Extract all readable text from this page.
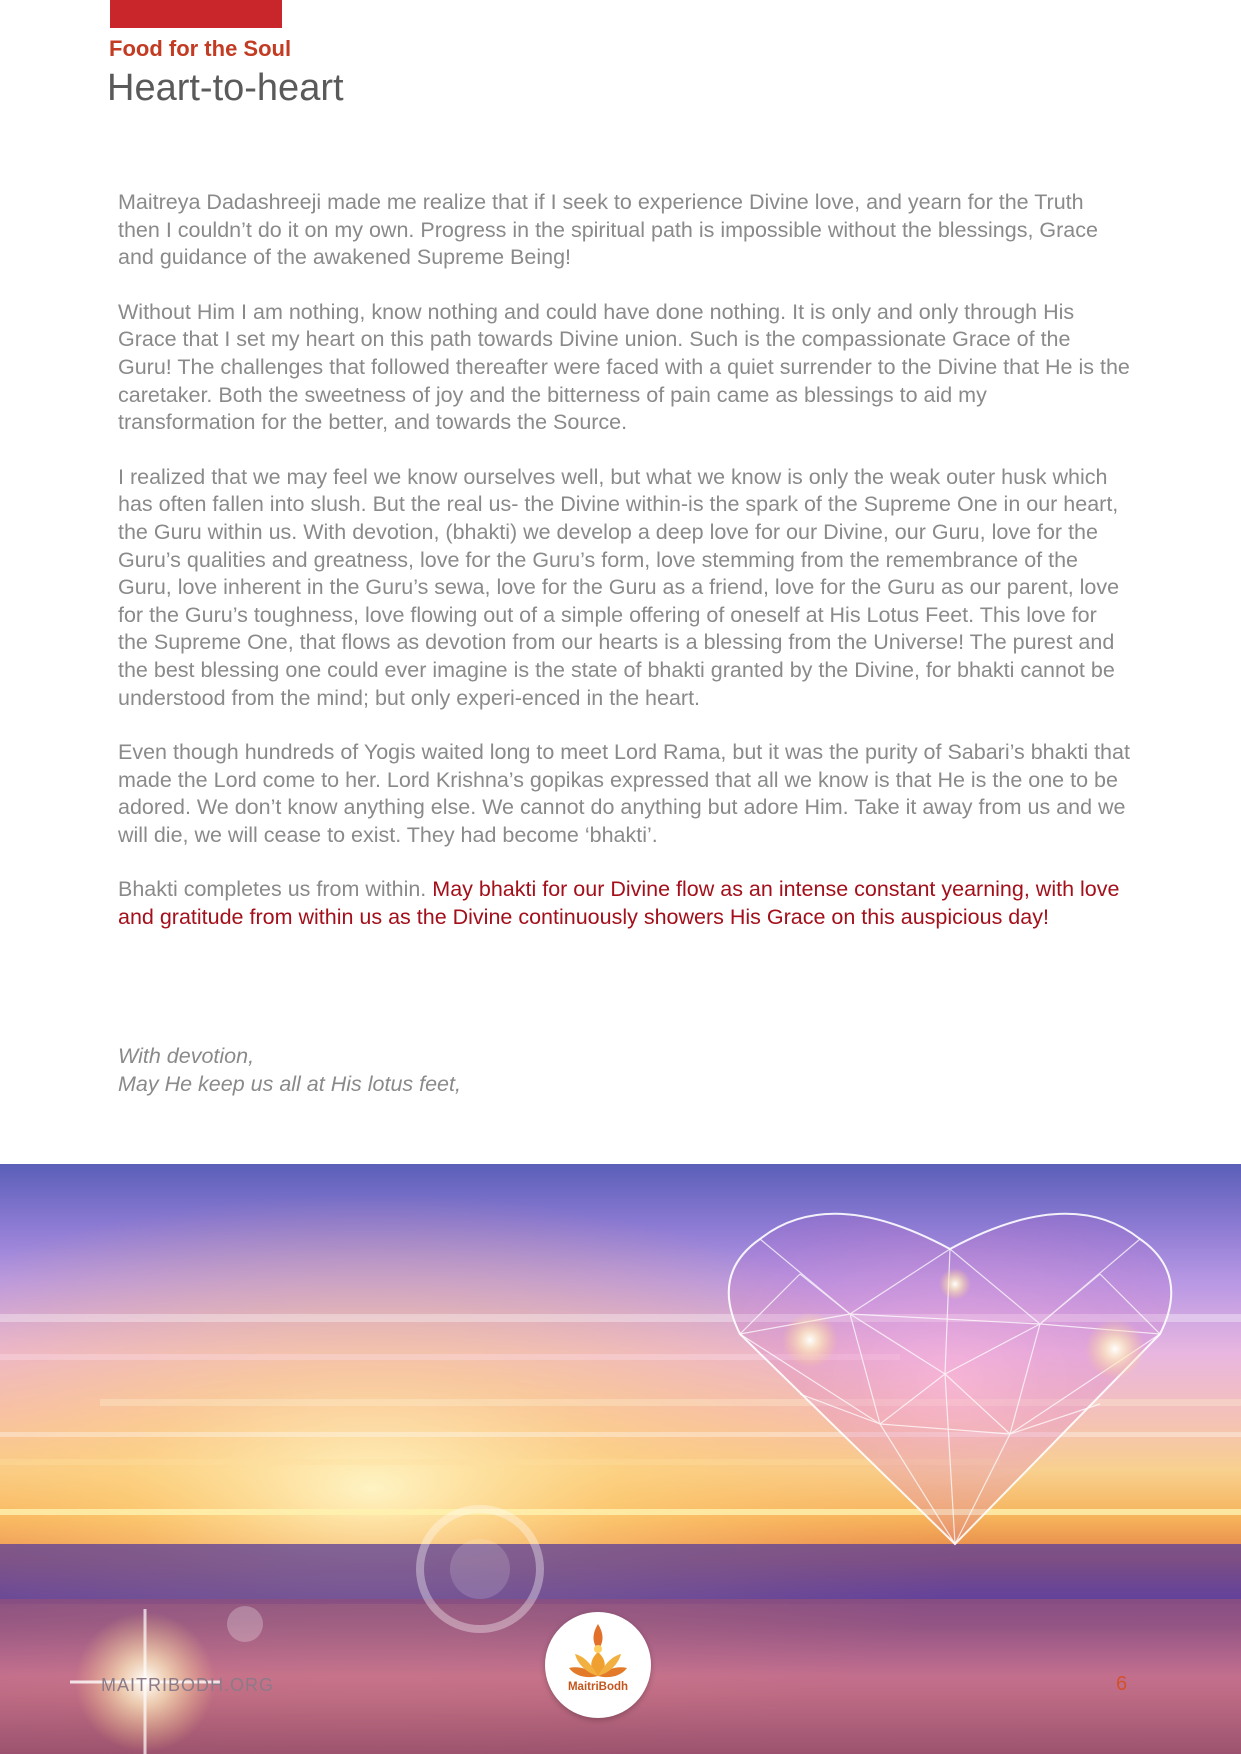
Food for the Soul
Heart-to-heart

Maitreya Dadashreeji made me realize that if I seek to experience Divine love, and yearn for the Truth then I couldn’t do it on my own. Progress in the spiritual path is impossible without the blessings, Grace and guidance of the awakened Supreme Being!

Without Him I am nothing, know nothing and could have done nothing. It is only and only through His Grace that I set my heart on this path towards Divine union. Such is the compassionate Grace of the Guru! The challenges that followed thereafter were faced with a quiet surrender to the Divine that He is the caretaker. Both the sweetness of joy and the bitterness of pain came as blessings to aid my transformation for the better, and towards the Source.

I realized that we may feel we know ourselves well, but what we know is only the weak outer husk which has often fallen into slush. But the real us- the Divine within-is the spark of the Supreme One in our heart, the Guru within us. With devotion, (bhakti) we develop a deep love for our Divine, our Guru, love for the Guru’s qualities and greatness, love for the Guru’s form, love stemming from the remembrance of the Guru, love inherent in the Guru’s sewa, love for the Guru as a friend, love for the Guru as our parent, love for the Guru’s toughness, love flowing out of a simple offering of oneself at His Lotus Feet. This love for the Supreme One, that flows as devotion from our hearts is a blessing from the Universe! The purest and the best blessing one could ever imagine is the state of bhakti granted by the Divine, for bhakti cannot be understood from the mind; but only experi-enced in the heart.

Even though hundreds of Yogis waited long to meet Lord Rama, but it was the purity of Sabari’s bhakti that made the Lord come to her. Lord Krishna’s gopikas expressed that all we know is that He is the one to be adored. We don’t know anything else. We cannot do anything but adore Him. Take it away from us and we will die, we will cease to exist. They had become ‘bhakti’.

Bhakti completes us from within. May bhakti for our Divine flow as an intense constant yearning, with love and gratitude from within us as the Divine continuously showers His Grace on this auspicious day!

With devotion,
May He keep us all at His lotus feet,
MAITRIBODH.ORG	6
MaitriBodh
